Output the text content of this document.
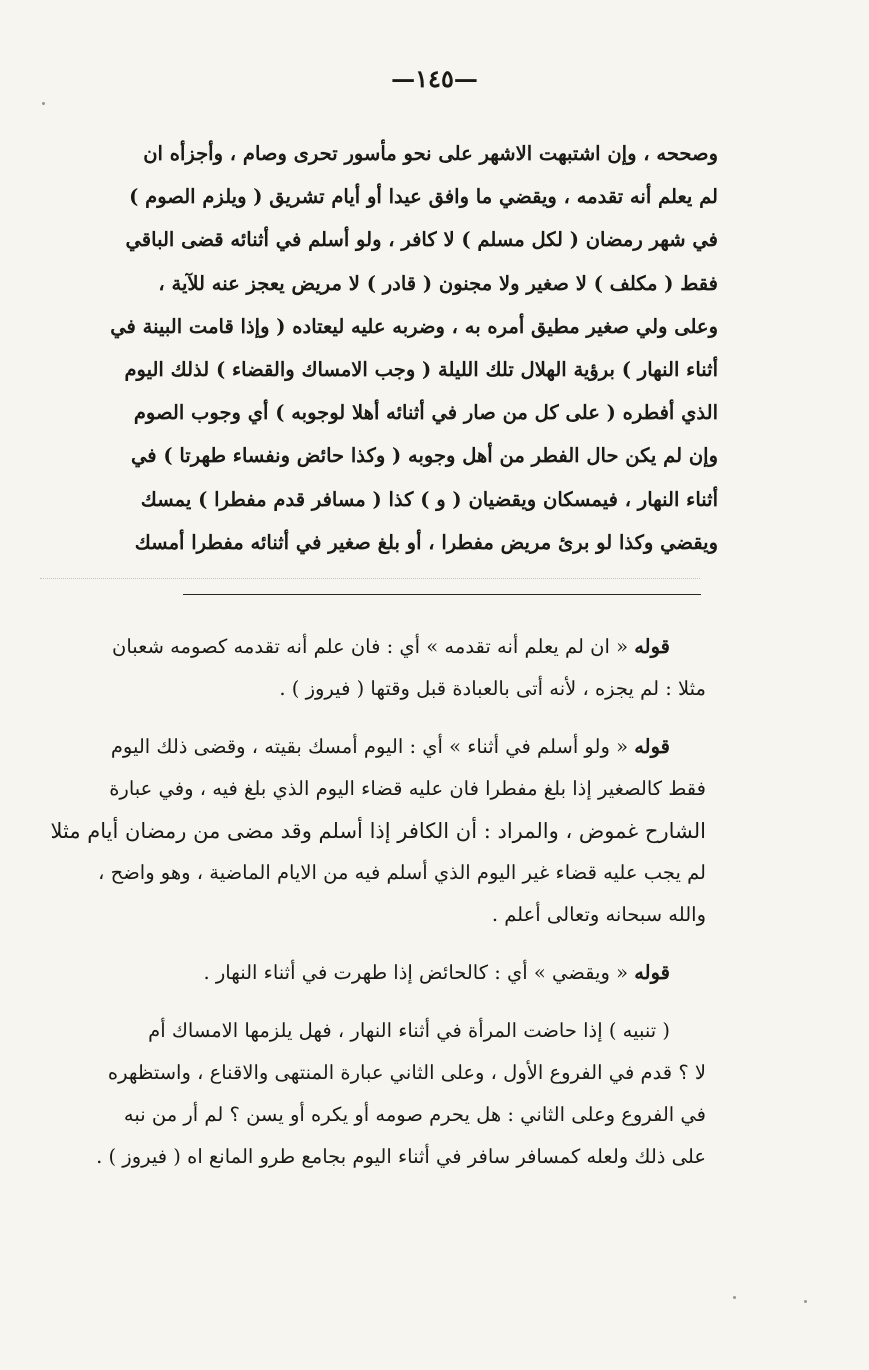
—١٤٥—
وصححه ، وإن اشتبهت الاشهر على نحو مأسور تحرى وصام ، وأجزأه ان
لم يعلم أنه تقدمه ، ويقضي ما وافق عيدا أو أيام تشريق ( ويلزم الصوم )
في شهر رمضان ( لكل مسلم ) لا كافر ، ولو أسلم في أثنائه قضى الباقي
فقط ( مكلف ) لا صغير ولا مجنون ( قادر ) لا مريض يعجز عنه للآية ،
وعلى ولي صغير مطيق أمره به ، وضربه عليه ليعتاده ( وإذا قامت البينة في
أثناء النهار ) برؤية الهلال تلك الليلة ( وجب الامساك والقضاء ) لذلك اليوم
الذي أفطره ( على كل من صار في أثنائه أهلا لوجوبه ) أي وجوب الصوم
وإن لم يكن حال الفطر من أهل وجوبه ( وكذا حائض ونفساء طهرتا ) في
أثناء النهار ، فيمسكان ويقضيان ( و ) كذا ( مسافر قدم مفطرا ) يمسك
ويقضي وكذا لو برئ مريض مفطرا ، أو بلغ صغير في أثنائه مفطرا أمسك

قوله « ان لم يعلم أنه تقدمه » أي : فان علم أنه تقدمه كصومه شعبان
مثلا : لم يجزه ، لأنه أتى بالعبادة قبل وقتها ( فيروز ) .

قوله « ولو أسلم في أثناء » أي : اليوم أمسك بقيته ، وقضى ذلك اليوم
فقط كالصغير إذا بلغ مفطرا فان عليه قضاء اليوم الذي بلغ فيه ، وفي عبارة
الشارح غموض ، والمراد : أن الكافر إذا أسلم وقد مضى من رمضان أيام مثلا
لم يجب عليه قضاء غير اليوم الذي أسلم فيه من الايام الماضية ، وهو واضح ،
والله سبحانه وتعالى أعلم .

قوله « ويقضي » أي : كالحائض إذا طهرت في أثناء النهار .

( تنبيه ) إذا حاضت المرأة في أثناء النهار ، فهل يلزمها الامساك أم
لا ؟ قدم في الفروع الأول ، وعلى الثاني عبارة المنتهى والاقناع ، واستظهره
في الفروع وعلى الثاني : هل يحرم صومه أو يكره أو يسن ؟ لم أر من نبه
على ذلك ولعله كمسافر سافر في أثناء اليوم بجامع طرو المانع اه ( فيروز ) .
